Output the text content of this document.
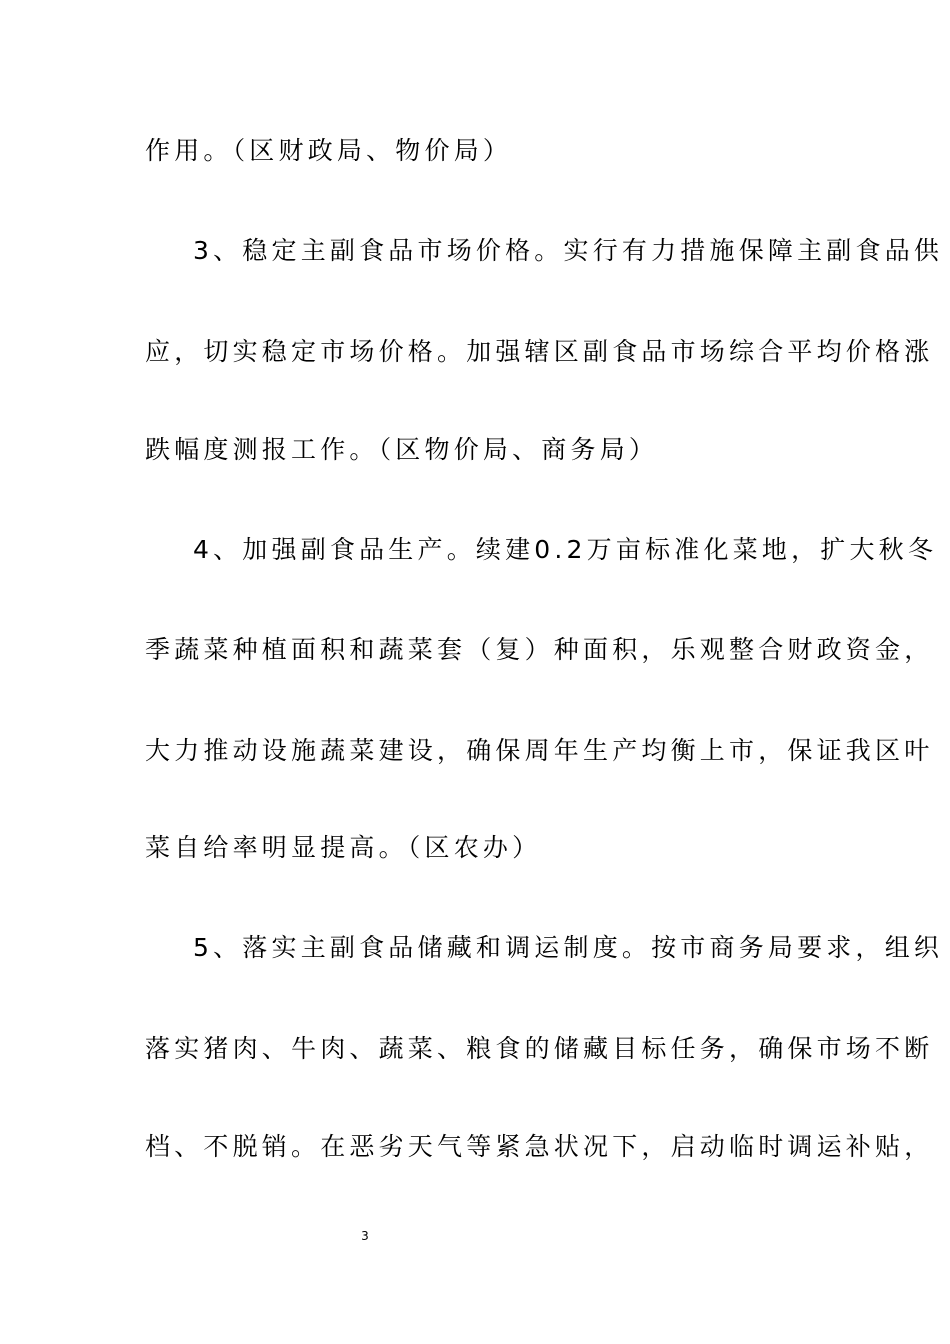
作用。（区财政局、物价局）
3、稳定主副食品市场价格。实行有力措施保障主副食品供
应，切实稳定市场价格。加强辖区副食品市场综合平均价格涨
跌幅度测报工作。（区物价局、商务局）
4、加强副食品生产。续建0.2万亩标准化菜地，扩大秋冬
季蔬菜种植面积和蔬菜套（复）种面积，乐观整合财政资金，
大力推动设施蔬菜建设，确保周年生产均衡上市，保证我区叶
菜自给率明显提高。（区农办）
5、落实主副食品储藏和调运制度。按市商务局要求，组织
落实猪肉、牛肉、蔬菜、粮食的储藏目标任务，确保市场不断
档、不脱销。在恶劣天气等紧急状况下，启动临时调运补贴，
3
